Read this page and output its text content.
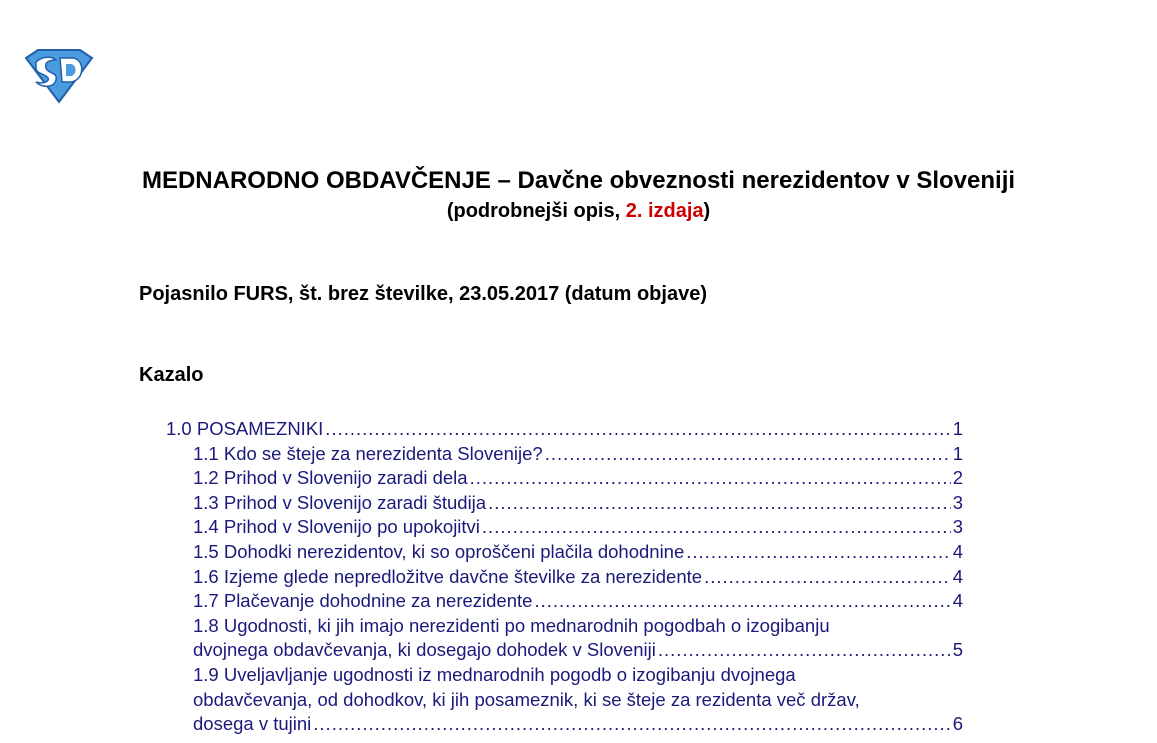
MEDNARODNO OBDAVČENJE – Davčne obveznosti nerezidentov v Sloveniji
(podrobnejši opis, 2. izdaja)
Pojasnilo FURS, št. brez številke, 23.05.2017 (datum objave)
Kazalo
1.0 POSAMEZNIKI .....	1
1.1 Kdo se šteje za nerezidenta Slovenije? .....	1
1.2 Prihod v Slovenijo zaradi dela .....	2
1.3 Prihod v Slovenijo zaradi študija .....	3
1.4 Prihod v Slovenijo po upokojitvi .....	3
1.5 Dohodki nerezidentov, ki so oproščeni plačila dohodnine .....	4
1.6 Izjeme glede nepredložitve davčne številke za nerezidente .....	4
1.7 Plačevanje dohodnine za nerezidente .....	4
1.8 Ugodnosti, ki jih imajo nerezidenti po mednarodnih pogodbah o izogibanju
dvojnega obdavčevanja, ki dosegajo dohodek v Sloveniji .....	5
1.9 Uveljavljanje ugodnosti iz mednarodnih pogodb o izogibanju dvojnega
obdavčevanja, od dohodkov, ki jih posameznik, ki se šteje za rezidenta več držav,
dosega v tujini .....	6
